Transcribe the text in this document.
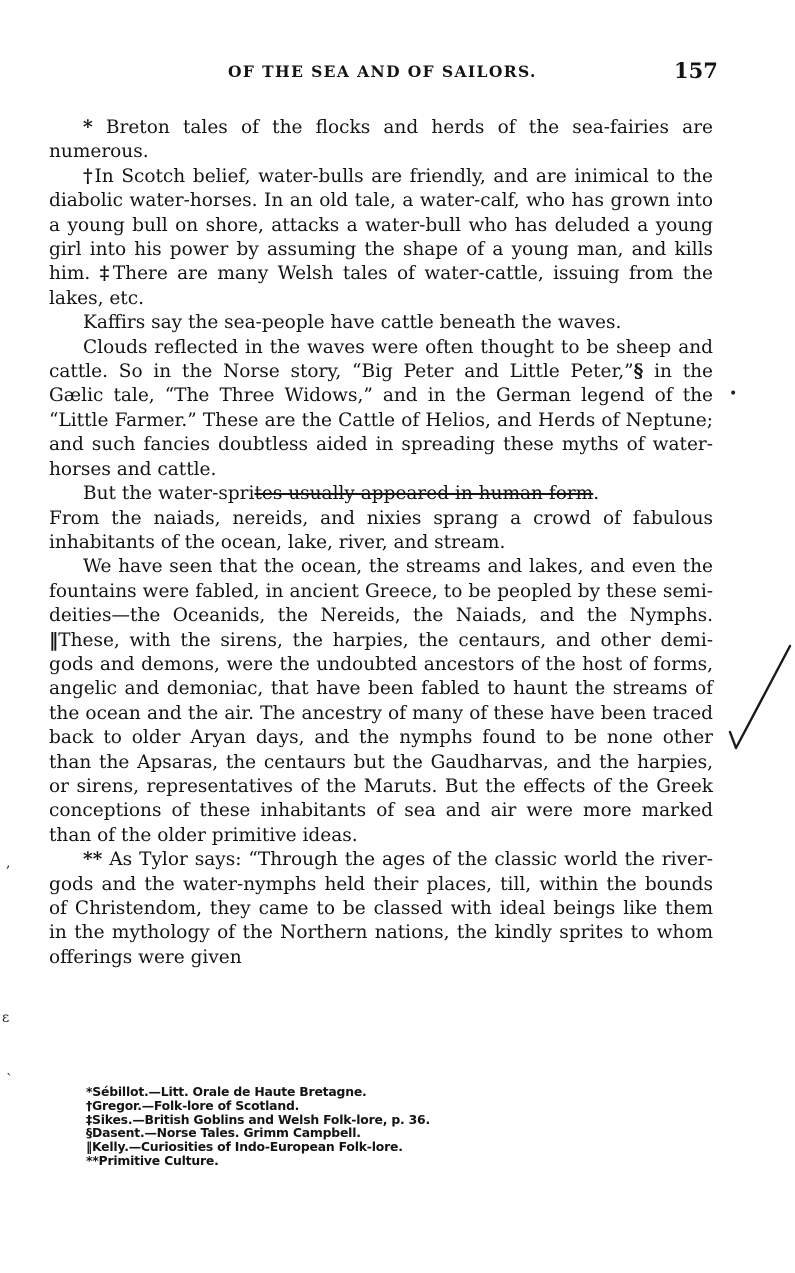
OF THE SEA AND OF SAILORS.	157

* Breton tales of the flocks and herds of the sea-fairies are numerous.

†In Scotch belief, water-bulls are friendly, and are inimical to the diabolic water-horses. In an old tale, a water-calf, who has grown into a young bull on shore, attacks a water-bull who has deluded a young girl into his power by assuming the shape of a young man, and kills him. ‡There are many Welsh tales of water-cattle, issuing from the lakes, etc.

Kaffirs say the sea-people have cattle beneath the waves.

Clouds reflected in the waves were often thought to be sheep and cattle. So in the Norse story, “Big Peter and Little Peter,”§ in the Gælic tale, “The Three Widows,” and in the German legend of the “Little Farmer.” These are the Cattle of Helios, and Herds of Neptune; and such fancies doubtless aided in spreading these myths of water-horses and cattle.

But the water-sprites usually appeared in human form.

From the naiads, nereids, and nixies sprang a crowd of fabulous inhabitants of the ocean, lake, river, and stream.

We have seen that the ocean, the streams and lakes, and even the fountains were fabled, in ancient Greece, to be peopled by these semi-deities—the Oceanids, the Nereids, the Naiads, and the Nymphs. ‖These, with the sirens, the harpies, the centaurs, and other demi-gods and demons, were the undoubted ancestors of the host of forms, angelic and demoniac, that have been fabled to haunt the streams of the ocean and the air. The ancestry of many of these have been traced back to older Aryan days, and the nymphs found to be none other than the Apsaras, the centaurs but the Gaudharvas, and the harpies, or sirens, representatives of the Maruts. But the effects of the Greek conceptions of these inhabitants of sea and air were more marked than of the older primitive ideas.

** As Tylor says: “Through the ages of the classic world the river-gods and the water-nymphs held their places, till, within the bounds of Christendom, they came to be classed with ideal beings like them in the mythology of the Northern nations, the kindly sprites to whom offerings were given

*Sébillot.—Litt. Orale de Haute Bretagne.
†Gregor.—Folk-lore of Scotland.
‡Sikes.—British Goblins and Welsh Folk-lore, p. 36.
§Dasent.—Norse Tales. Grimm Campbell.
‖Kelly.—Curiosities of Indo-European Folk-lore.
**Primitive Culture.
•
,
ɛ
ˋ
